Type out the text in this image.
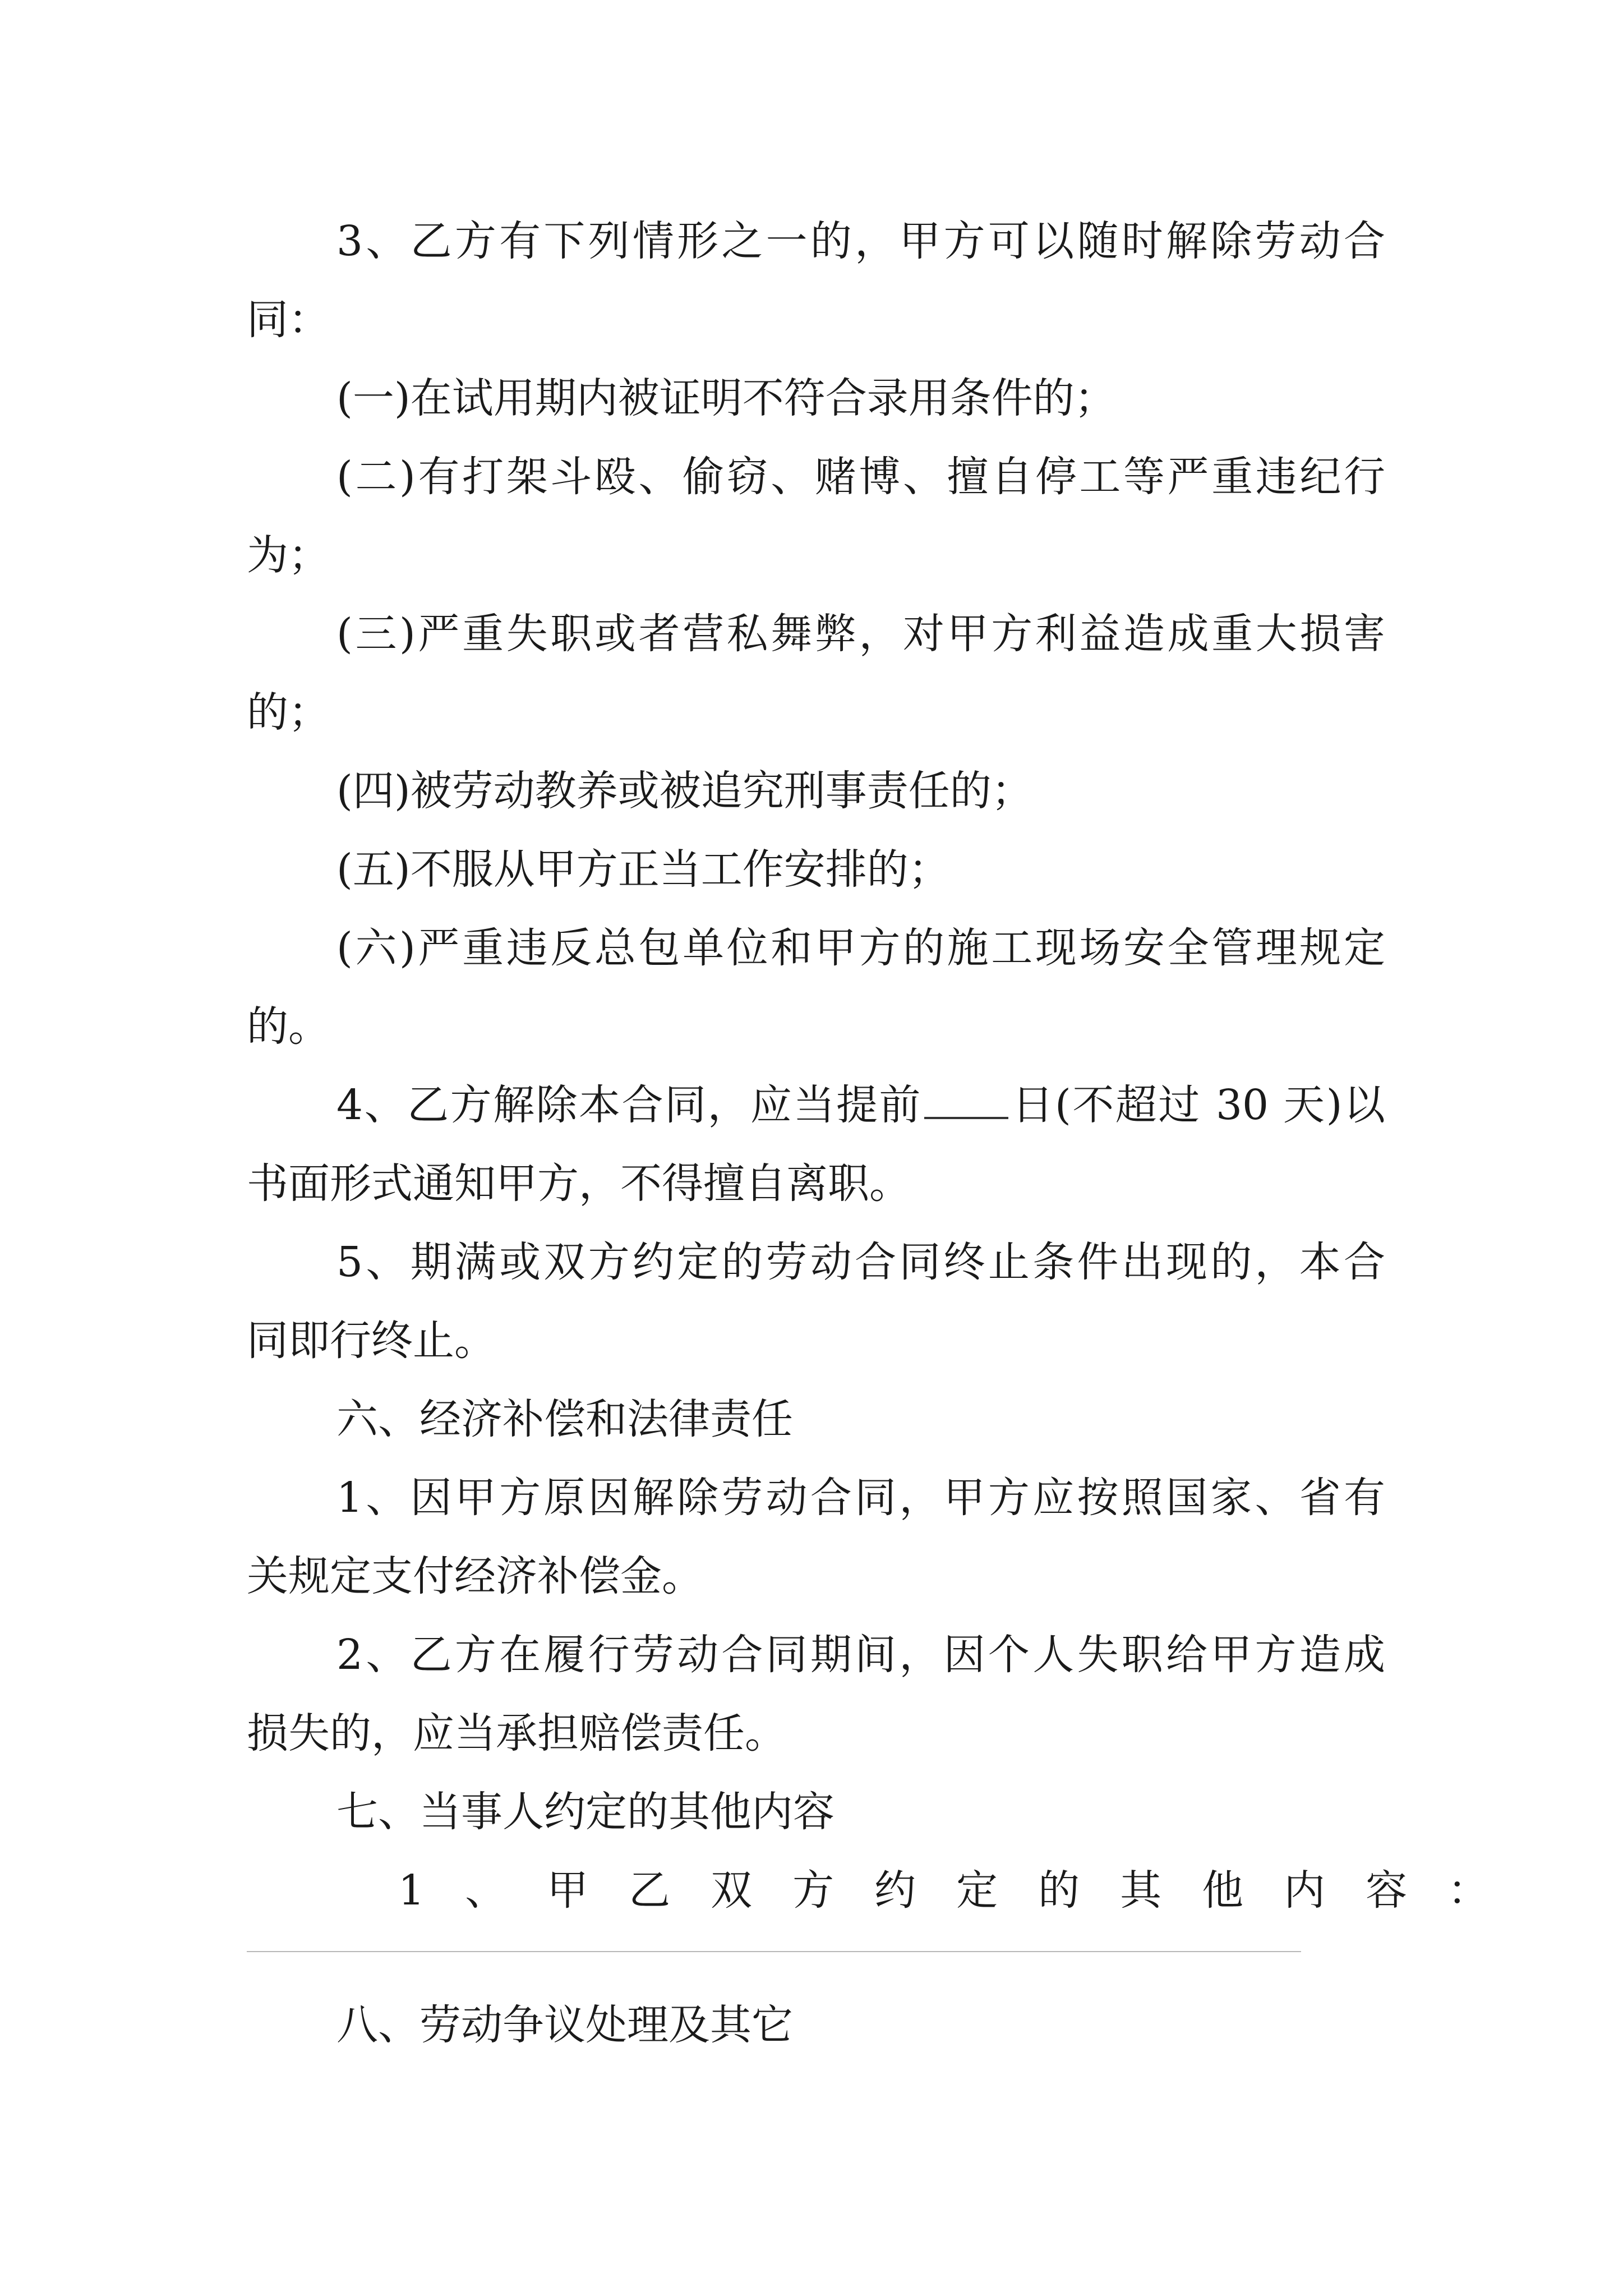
3、乙方有下列情形之一的，甲方可以随时解除劳动合
同：
(一)在试用期内被证明不符合录用条件的；
(二)有打架斗殴、偷窃、赌博、擅自停工等严重违纪行
为；
(三)严重失职或者营私舞弊，对甲方利益造成重大损害
的；
(四)被劳动教养或被追究刑事责任的；
(五)不服从甲方正当工作安排的；
(六)严重违反总包单位和甲方的施工现场安全管理规定
的。
4、乙方解除本合同，应当提前 日(不超过 30 天)以
书面形式通知甲方，不得擅自离职。
5、期满或双方约定的劳动合同终止条件出现的，本合
同即行终止。
六、经济补偿和法律责任
1、因甲方原因解除劳动合同，甲方应按照国家、省有
关规定支付经济补偿金。
2、乙方在履行劳动合同期间，因个人失职给甲方造成
损失的，应当承担赔偿责任。
七、当事人约定的其他内容
1、甲乙双方约定的其他内容：
八、劳动争议处理及其它
